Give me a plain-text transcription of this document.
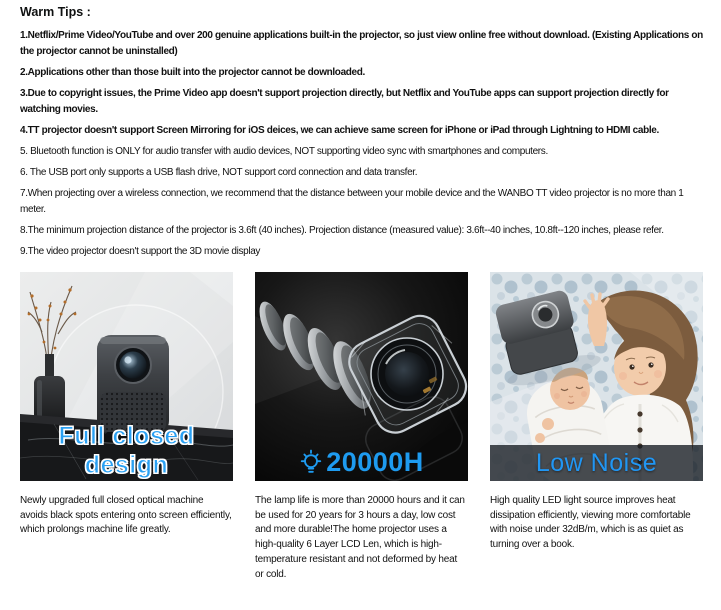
Warm Tips :

1.Netflix/Prime Video/YouTube and over 200 genuine applications built-in the projector, so just view online free without download. (Existing Applications on the projector cannot be uninstalled)

2.Applications other than those built into the projector cannot be downloaded.

3.Due to copyright issues, the Prime Video app doesn't support projection directly, but Netflix and YouTube apps can support projection directly for watching movies.

4.TT projector doesn't support Screen Mirroring for iOS deices, we can achieve same screen for iPhone or iPad through Lightning to HDMI cable.

5. Bluetooth function is ONLY for audio transfer with audio devices, NOT supporting video sync with smartphones and computers.

6. The USB port only supports a USB flash drive, NOT support cord connection and data transfer.

7.When projecting over a wireless connection, we recommend that the distance between your mobile device and the WANBO TT video projector is no more than 1 meter.

8.The minimum projection distance of the projector is 3.6ft (40 inches). Projection distance (measured value): 3.6ft--40 inches, 10.8ft--120 inches, please refer.

9.The video projector doesn't support the 3D movie display

Full closed design

Newly upgraded full closed optical machine avoids black spots entering onto screen efficiently, which prolongs machine life greatly.

20000H

The lamp life is more than 20000 hours and it can be used for 20 years for 3 hours a day, low cost and more durable!The home projector uses a high-quality 6 Layer LCD Len, which is high-temperature resistant and not deformed by heat or cold.

Low Noise

High quality LED light source improves heat dissipation efficiently, viewing more comfortable with noise under 32dB/m, which is as quiet as turning over a book.
